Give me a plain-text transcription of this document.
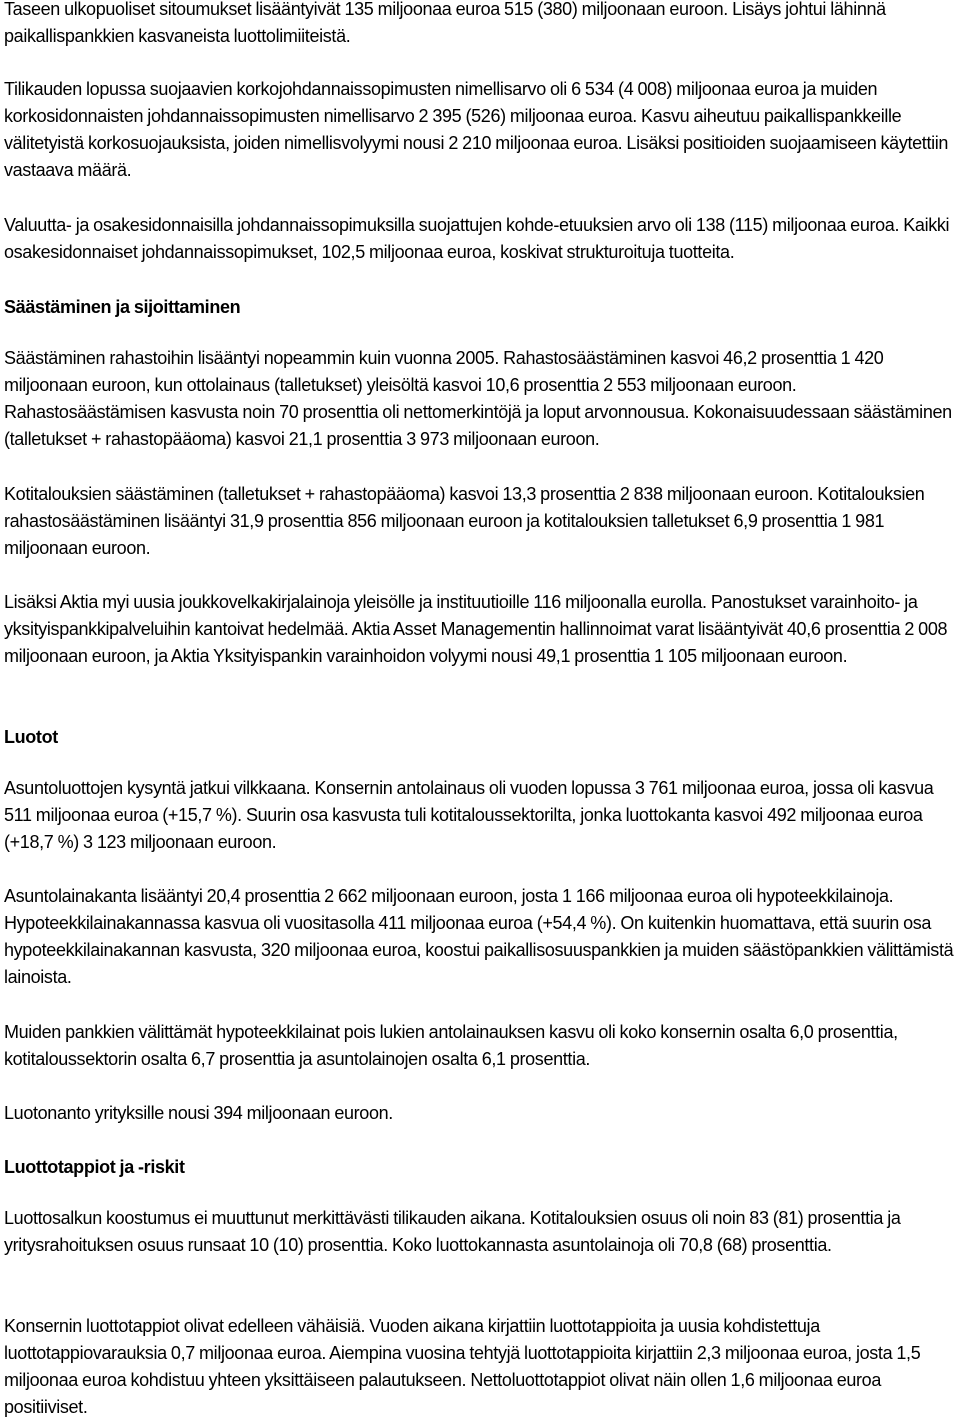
Taseen ulkopuoliset sitoumukset lisääntyivät 135 miljoonaa euroa 515 (380) miljoonaan euroon. Lisäys johtui lähinnä paikallispankkien kasvaneista luottolimiiteistä.

Tilikauden lopussa suojaavien korkojohdannaissopimusten nimellisarvo oli 6 534 (4 008) miljoonaa euroa ja muiden korkosidonnaisten johdannaissopimusten nimellisarvo 2 395 (526) miljoonaa euroa. Kasvu aiheutuu paikallispankkeille välitetyistä korkosuojauksista, joiden nimellisvolyymi nousi 2 210 miljoonaa euroa. Lisäksi positioiden suojaamiseen käytettiin vastaava määrä.

Valuutta- ja osakesidonnaisilla johdannaissopimuksilla suojattujen kohde-etuuksien arvo oli 138 (115) miljoonaa euroa. Kaikki osakesidonnaiset johdannaissopimukset, 102,5 miljoonaa euroa, koskivat strukturoituja tuotteita.

Säästäminen ja sijoittaminen

Säästäminen rahastoihin lisääntyi nopeammin kuin vuonna 2005. Rahastosäästäminen kasvoi 46,2 prosenttia 1 420 miljoonaan euroon, kun ottolainaus (talletukset) yleisöltä kasvoi 10,6 prosenttia 2 553 miljoonaan euroon. Rahastosäästämisen kasvusta noin 70 prosenttia oli nettomerkintöjä ja loput arvonnousua. Kokonaisuudessaan säästäminen (talletukset + rahastopääoma) kasvoi 21,1 prosenttia 3 973 miljoonaan euroon.

Kotitalouksien säästäminen (talletukset + rahastopääoma) kasvoi 13,3 prosenttia 2 838 miljoonaan euroon. Kotitalouksien rahastosäästäminen lisääntyi 31,9 prosenttia 856 miljoonaan euroon ja kotitalouksien talletukset 6,9 prosenttia 1 981 miljoonaan euroon.

Lisäksi Aktia myi uusia joukkovelkakirjalainoja yleisölle ja instituutioille 116 miljoonalla eurolla. Panostukset varainhoito- ja yksityispankkipalveluihin kantoivat hedelmää. Aktia Asset Managementin hallinnoimat varat lisääntyivät 40,6 prosenttia 2 008 miljoonaan euroon, ja Aktia Yksityispankin varainhoidon volyymi nousi 49,1 prosenttia 1 105 miljoonaan euroon.

Luotot

Asuntoluottojen kysyntä jatkui vilkkaana. Konsernin antolainaus oli vuoden lopussa 3 761 miljoonaa euroa, jossa oli kasvua 511 miljoonaa euroa (+15,7 %). Suurin osa kasvusta tuli kotitaloussektorilta, jonka luottokanta kasvoi 492 miljoonaa euroa (+18,7 %) 3 123 miljoonaan euroon.

Asuntolainakanta lisääntyi 20,4 prosenttia 2 662 miljoonaan euroon, josta 1 166 miljoonaa euroa oli hypoteekkilainoja. Hypoteekkilainakannassa kasvua oli vuositasolla 411 miljoonaa euroa (+54,4 %). On kuitenkin huomattava, että suurin osa hypoteekkilainakannan kasvusta, 320 miljoonaa euroa, koostui paikallisosuuspankkien ja muiden säästöpankkien välittämistä lainoista.

Muiden pankkien välittämät hypoteekkilainat pois lukien antolainauksen kasvu oli koko konsernin osalta 6,0 prosenttia, kotitaloussektorin osalta 6,7 prosenttia ja asuntolainojen osalta 6,1 prosenttia.

Luotonanto yrityksille nousi 394 miljoonaan euroon.

Luottotappiot ja -riskit

Luottosalkun koostumus ei muuttunut merkittävästi tilikauden aikana. Kotitalouksien osuus oli noin 83 (81) prosenttia ja yritysrahoituksen osuus runsaat 10 (10) prosenttia. Koko luottokannasta asuntolainoja oli 70,8 (68) prosenttia.

Konsernin luottotappiot olivat edelleen vähäisiä. Vuoden aikana kirjattiin luottotappioita ja uusia kohdistettuja luottotappiovarauksia 0,7 miljoonaa euroa. Aiempina vuosina tehtyjä luottotappioita kirjattiin 2,3 miljoonaa euroa, josta 1,5 miljoonaa euroa kohdistuu yhteen yksittäiseen palautukseen. Nettoluottotappiot olivat näin ollen 1,6 miljoonaa euroa positiiviset.
